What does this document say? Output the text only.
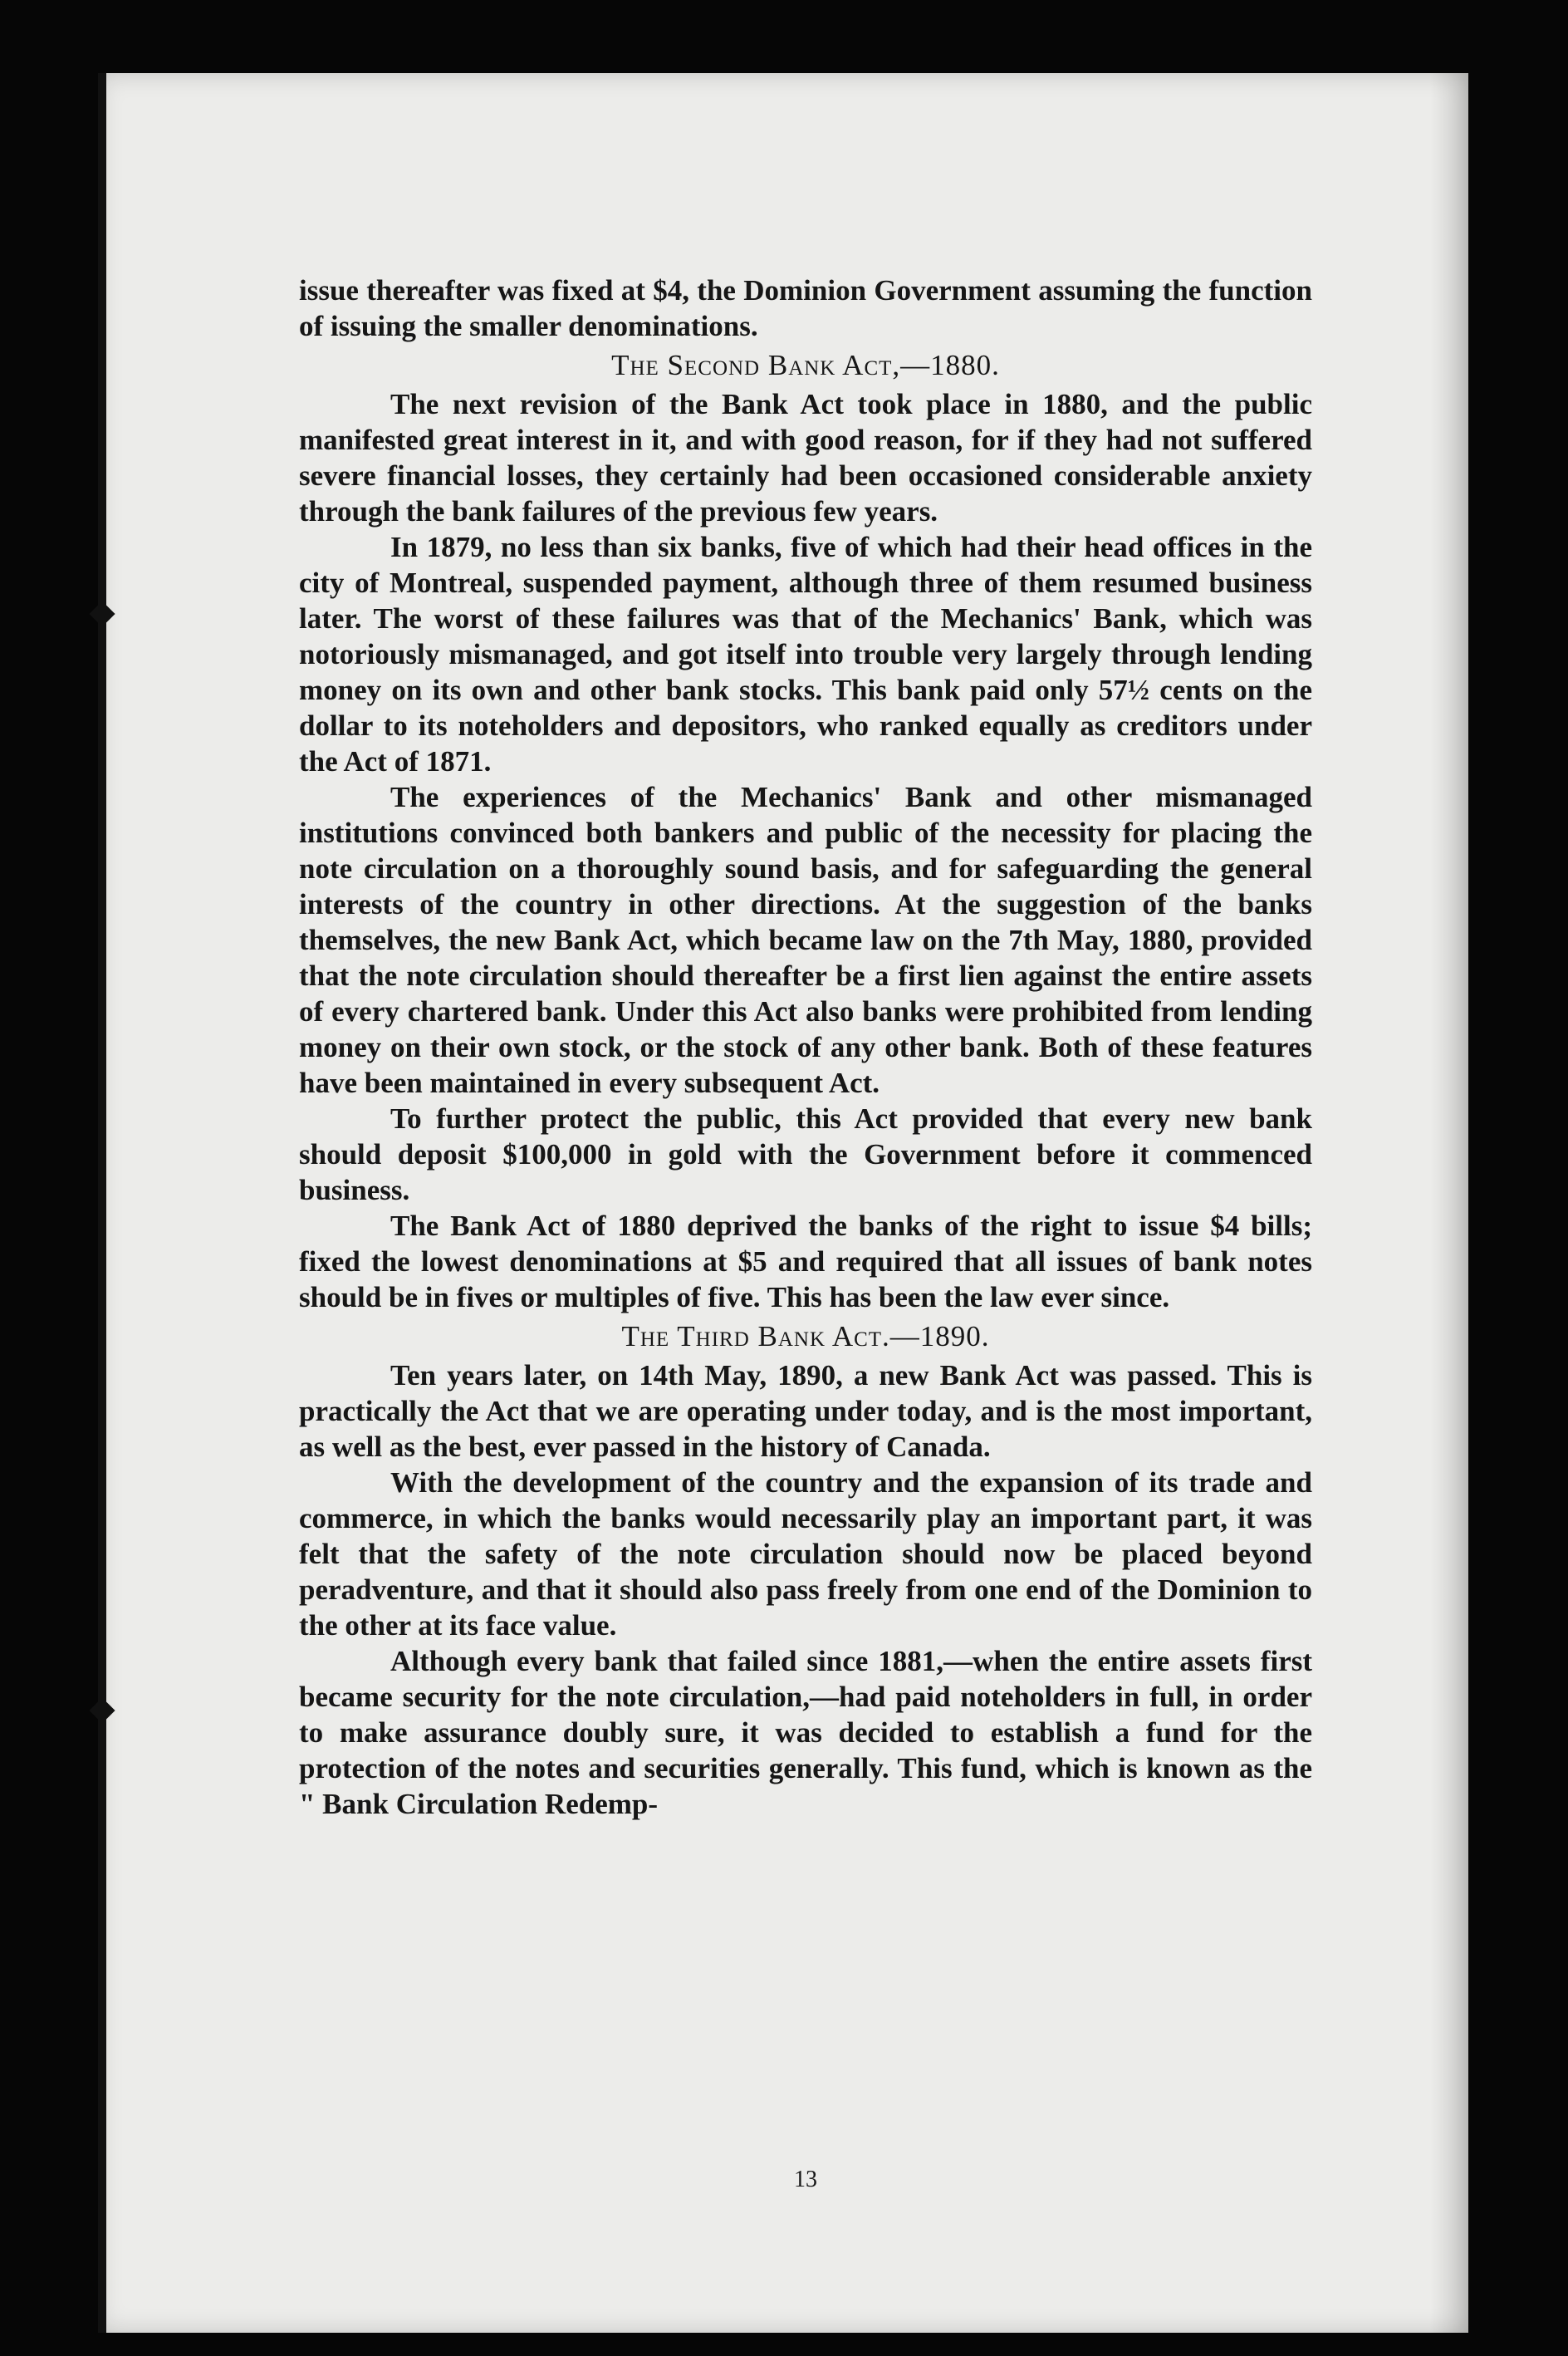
issue thereafter was fixed at $4, the Dominion Government assuming the function of issuing the smaller denominations.

The Second Bank Act,—1880.

The next revision of the Bank Act took place in 1880, and the public manifested great interest in it, and with good reason, for if they had not suffered severe financial losses, they certainly had been occasioned considerable anxiety through the bank failures of the previous few years.

In 1879, no less than six banks, five of which had their head offices in the city of Montreal, suspended payment, although three of them resumed business later. The worst of these failures was that of the Mechanics' Bank, which was notoriously mismanaged, and got itself into trouble very largely through lending money on its own and other bank stocks. This bank paid only 57½ cents on the dollar to its noteholders and depositors, who ranked equally as creditors under the Act of 1871.

The experiences of the Mechanics' Bank and other mismanaged institutions convinced both bankers and public of the necessity for placing the note circulation on a thoroughly sound basis, and for safeguarding the general interests of the country in other directions. At the suggestion of the banks themselves, the new Bank Act, which became law on the 7th May, 1880, provided that the note circulation should thereafter be a first lien against the entire assets of every chartered bank. Under this Act also banks were prohibited from lending money on their own stock, or the stock of any other bank. Both of these features have been maintained in every subsequent Act.

To further protect the public, this Act provided that every new bank should deposit $100,000 in gold with the Government before it commenced business.

The Bank Act of 1880 deprived the banks of the right to issue $4 bills; fixed the lowest denominations at $5 and required that all issues of bank notes should be in fives or multiples of five. This has been the law ever since.

The Third Bank Act.—1890.

Ten years later, on 14th May, 1890, a new Bank Act was passed. This is practically the Act that we are operating under today, and is the most important, as well as the best, ever passed in the history of Canada.

With the development of the country and the expansion of its trade and commerce, in which the banks would necessarily play an important part, it was felt that the safety of the note circulation should now be placed beyond peradventure, and that it should also pass freely from one end of the Dominion to the other at its face value.

Although every bank that failed since 1881,—when the entire assets first became security for the note circulation,—had paid noteholders in full, in order to make assurance doubly sure, it was decided to establish a fund for the protection of the notes and securities generally. This fund, which is known as the " Bank Circulation Redemp-

13
